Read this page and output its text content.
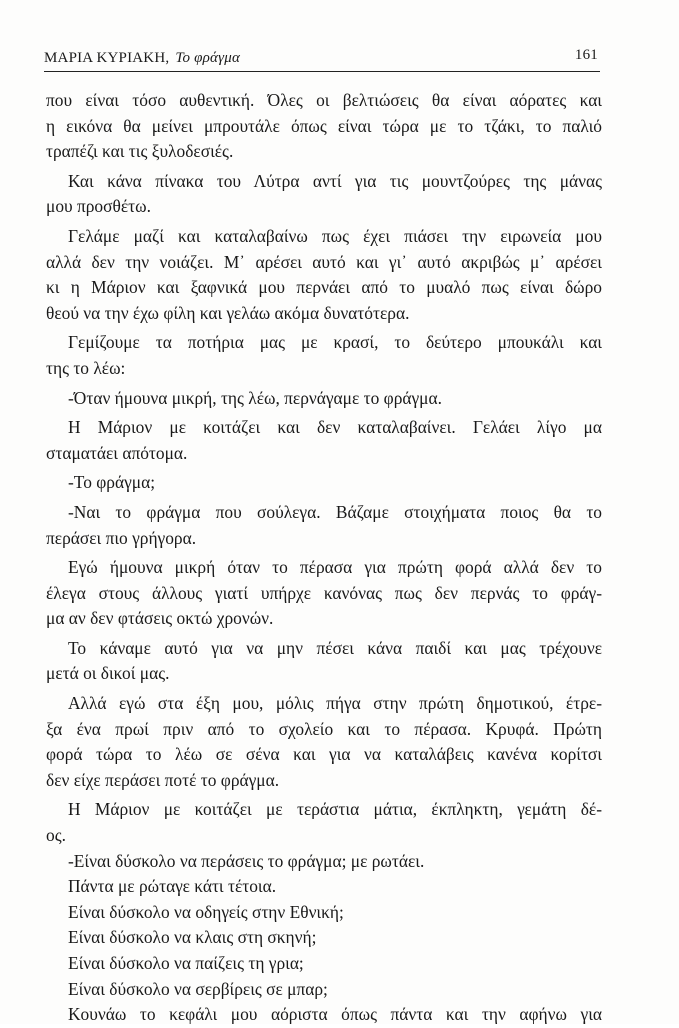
ΜΑΡΙΑ ΚΥΡΙΑΚΗ, Το φράγμα	161
που είναι τόσο αυθεντική. Όλες οι βελτιώσεις θα είναι αόρατες και
η εικόνα θα μείνει μπρουτάλε όπως είναι τώρα με το τζάκι, το παλιό
τραπέζι και τις ξυλοδεσιές.
Και κάνα πίνακα του Λύτρα αντί για τις μουντζούρες της μάνας
μου προσθέτω.
Γελάμε μαζί και καταλαβαίνω πως έχει πιάσει την ειρωνεία μου
αλλά δεν την νοιάζει. Μ᾽ αρέσει αυτό και γι᾽ αυτό ακριβώς μ᾽ αρέσει
κι η Μάριον και ξαφνικά μου περνάει από το μυαλό πως είναι δώρο
θεού να την έχω φίλη και γελάω ακόμα δυνατότερα.
Γεμίζουμε τα ποτήρια μας με κρασί, το δεύτερο μπουκάλι και
της το λέω:
-Όταν ήμουνα μικρή, της λέω, περνάγαμε το φράγμα.
Η Μάριον με κοιτάζει και δεν καταλαβαίνει. Γελάει λίγο μα
σταματάει απότομα.
-Το φράγμα;
-Ναι το φράγμα που σούλεγα. Βάζαμε στοιχήματα ποιος θα το
περάσει πιο γρήγορα.
Εγώ ήμουνα μικρή όταν το πέρασα για πρώτη φορά αλλά δεν το
έλεγα στους άλλους γιατί υπήρχε κανόνας πως δεν περνάς το φράγ-
μα αν δεν φτάσεις οκτώ χρονών.
Το κάναμε αυτό για να μην πέσει κάνα παιδί και μας τρέχουνε
μετά οι δικοί μας.
Αλλά εγώ στα έξη μου, μόλις πήγα στην πρώτη δημοτικού, έτρε-
ξα ένα πρωί πριν από το σχολείο και το πέρασα. Κρυφά. Πρώτη
φορά τώρα το λέω σε σένα και για να καταλάβεις κανένα κορίτσι
δεν είχε περάσει ποτέ το φράγμα.
Η Μάριον με κοιτάζει με τεράστια μάτια, έκπληκτη, γεμάτη δέ-
ος.
-Είναι δύσκολο να περάσεις το φράγμα; με ρωτάει.
Πάντα με ρώταγε κάτι τέτοια.
Είναι δύσκολο να οδηγείς στην Εθνική;
Είναι δύσκολο να κλαις στη σκηνή;
Είναι δύσκολο να παίζεις τη γρια;
Είναι δύσκολο να σερβίρεις σε μπαρ;
Κουνάω το κεφάλι μου αόριστα όπως πάντα και την αφήνω για
